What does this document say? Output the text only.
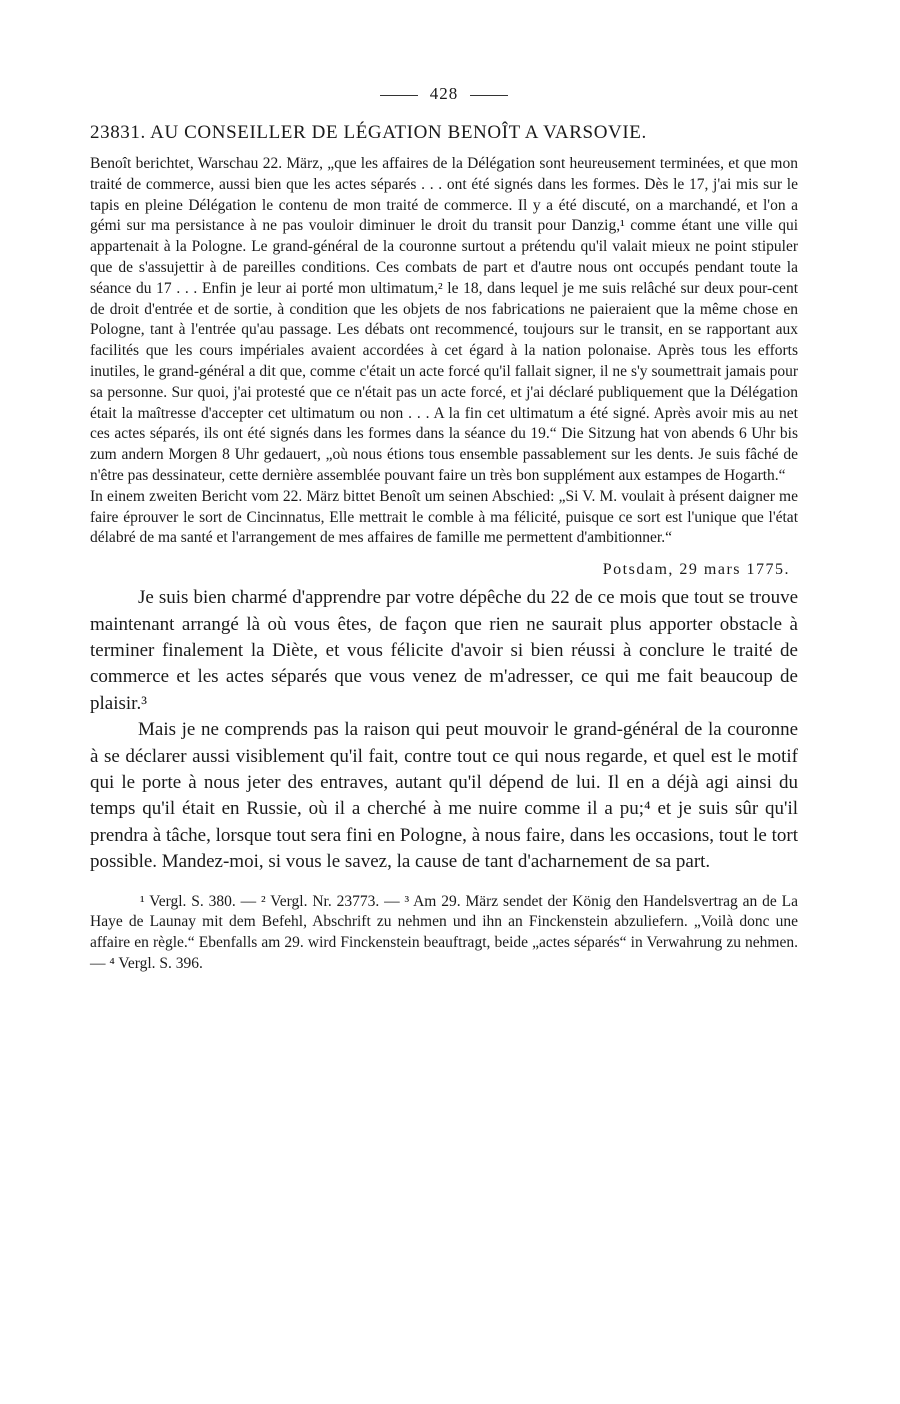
428
23831. AU CONSEILLER DE LÉGATION BENOÎT A VARSOVIE.

Benoît berichtet, Warschau 22. März, „que les affaires de la Délégation sont heureusement terminées, et que mon traité de commerce, aussi bien que les actes séparés . . . ont été signés dans les formes. Dès le 17, j'ai mis sur le tapis en pleine Délégation le contenu de mon traité de commerce. Il y a été discuté, on a marchandé, et l'on a gémi sur ma persistance à ne pas vouloir diminuer le droit du transit pour Danzig,¹ comme étant une ville qui appartenait à la Pologne. Le grand-général de la couronne surtout a prétendu qu'il valait mieux ne point stipuler que de s'assujettir à de pareilles conditions. Ces combats de part et d'autre nous ont occupés pendant toute la séance du 17 . . . Enfin je leur ai porté mon ultimatum,² le 18, dans lequel je me suis relâché sur deux pour-cent de droit d'entrée et de sortie, à condition que les objets de nos fabrications ne paieraient que la même chose en Pologne, tant à l'entrée qu'au passage. Les débats ont recommencé, toujours sur le transit, en se rapportant aux facilités que les cours impériales avaient accordées à cet égard à la nation polonaise. Après tous les efforts inutiles, le grand-général a dit que, comme c'était un acte forcé qu'il fallait signer, il ne s'y soumettrait jamais pour sa personne. Sur quoi, j'ai protesté que ce n'était pas un acte forcé, et j'ai déclaré publiquement que la Délégation était la maîtresse d'accepter cet ultimatum ou non . . . A la fin cet ultimatum a été signé. Après avoir mis au net ces actes séparés, ils ont été signés dans les formes dans la séance du 19.“ Die Sitzung hat von abends 6 Uhr bis zum andern Morgen 8 Uhr gedauert, „où nous étions tous ensemble passablement sur les dents. Je suis fâché de n'être pas dessinateur, cette dernière assemblée pouvant faire un très bon supplément aux estampes de Hogarth.“

In einem zweiten Bericht vom 22. März bittet Benoît um seinen Abschied: „Si V. M. voulait à présent daigner me faire éprouver le sort de Cincinnatus, Elle mettrait le comble à ma félicité, puisque ce sort est l'unique que l'état délabré de ma santé et l'arrangement de mes affaires de famille me permettent d'ambitionner.“

Potsdam, 29 mars 1775.

Je suis bien charmé d'apprendre par votre dépêche du 22 de ce mois que tout se trouve maintenant arrangé là où vous êtes, de façon que rien ne saurait plus apporter obstacle à terminer finalement la Diète, et vous félicite d'avoir si bien réussi à conclure le traité de commerce et les actes séparés que vous venez de m'adresser, ce qui me fait beaucoup de plaisir.³

Mais je ne comprends pas la raison qui peut mouvoir le grand-général de la couronne à se déclarer aussi visiblement qu'il fait, contre tout ce qui nous regarde, et quel est le motif qui le porte à nous jeter des entraves, autant qu'il dépend de lui. Il en a déjà agi ainsi du temps qu'il était en Russie, où il a cherché à me nuire comme il a pu;⁴ et je suis sûr qu'il prendra à tâche, lorsque tout sera fini en Pologne, à nous faire, dans les occasions, tout le tort possible. Mandez-moi, si vous le savez, la cause de tant d'acharnement de sa part.

¹ Vergl. S. 380. — ² Vergl. Nr. 23773. — ³ Am 29. März sendet der König den Handelsvertrag an de La Haye de Launay mit dem Befehl, Abschrift zu nehmen und ihn an Finckenstein abzuliefern. „Voilà donc une affaire en règle.“ Ebenfalls am 29. wird Finckenstein beauftragt, beide „actes séparés“ in Verwahrung zu nehmen. — ⁴ Vergl. S. 396.
